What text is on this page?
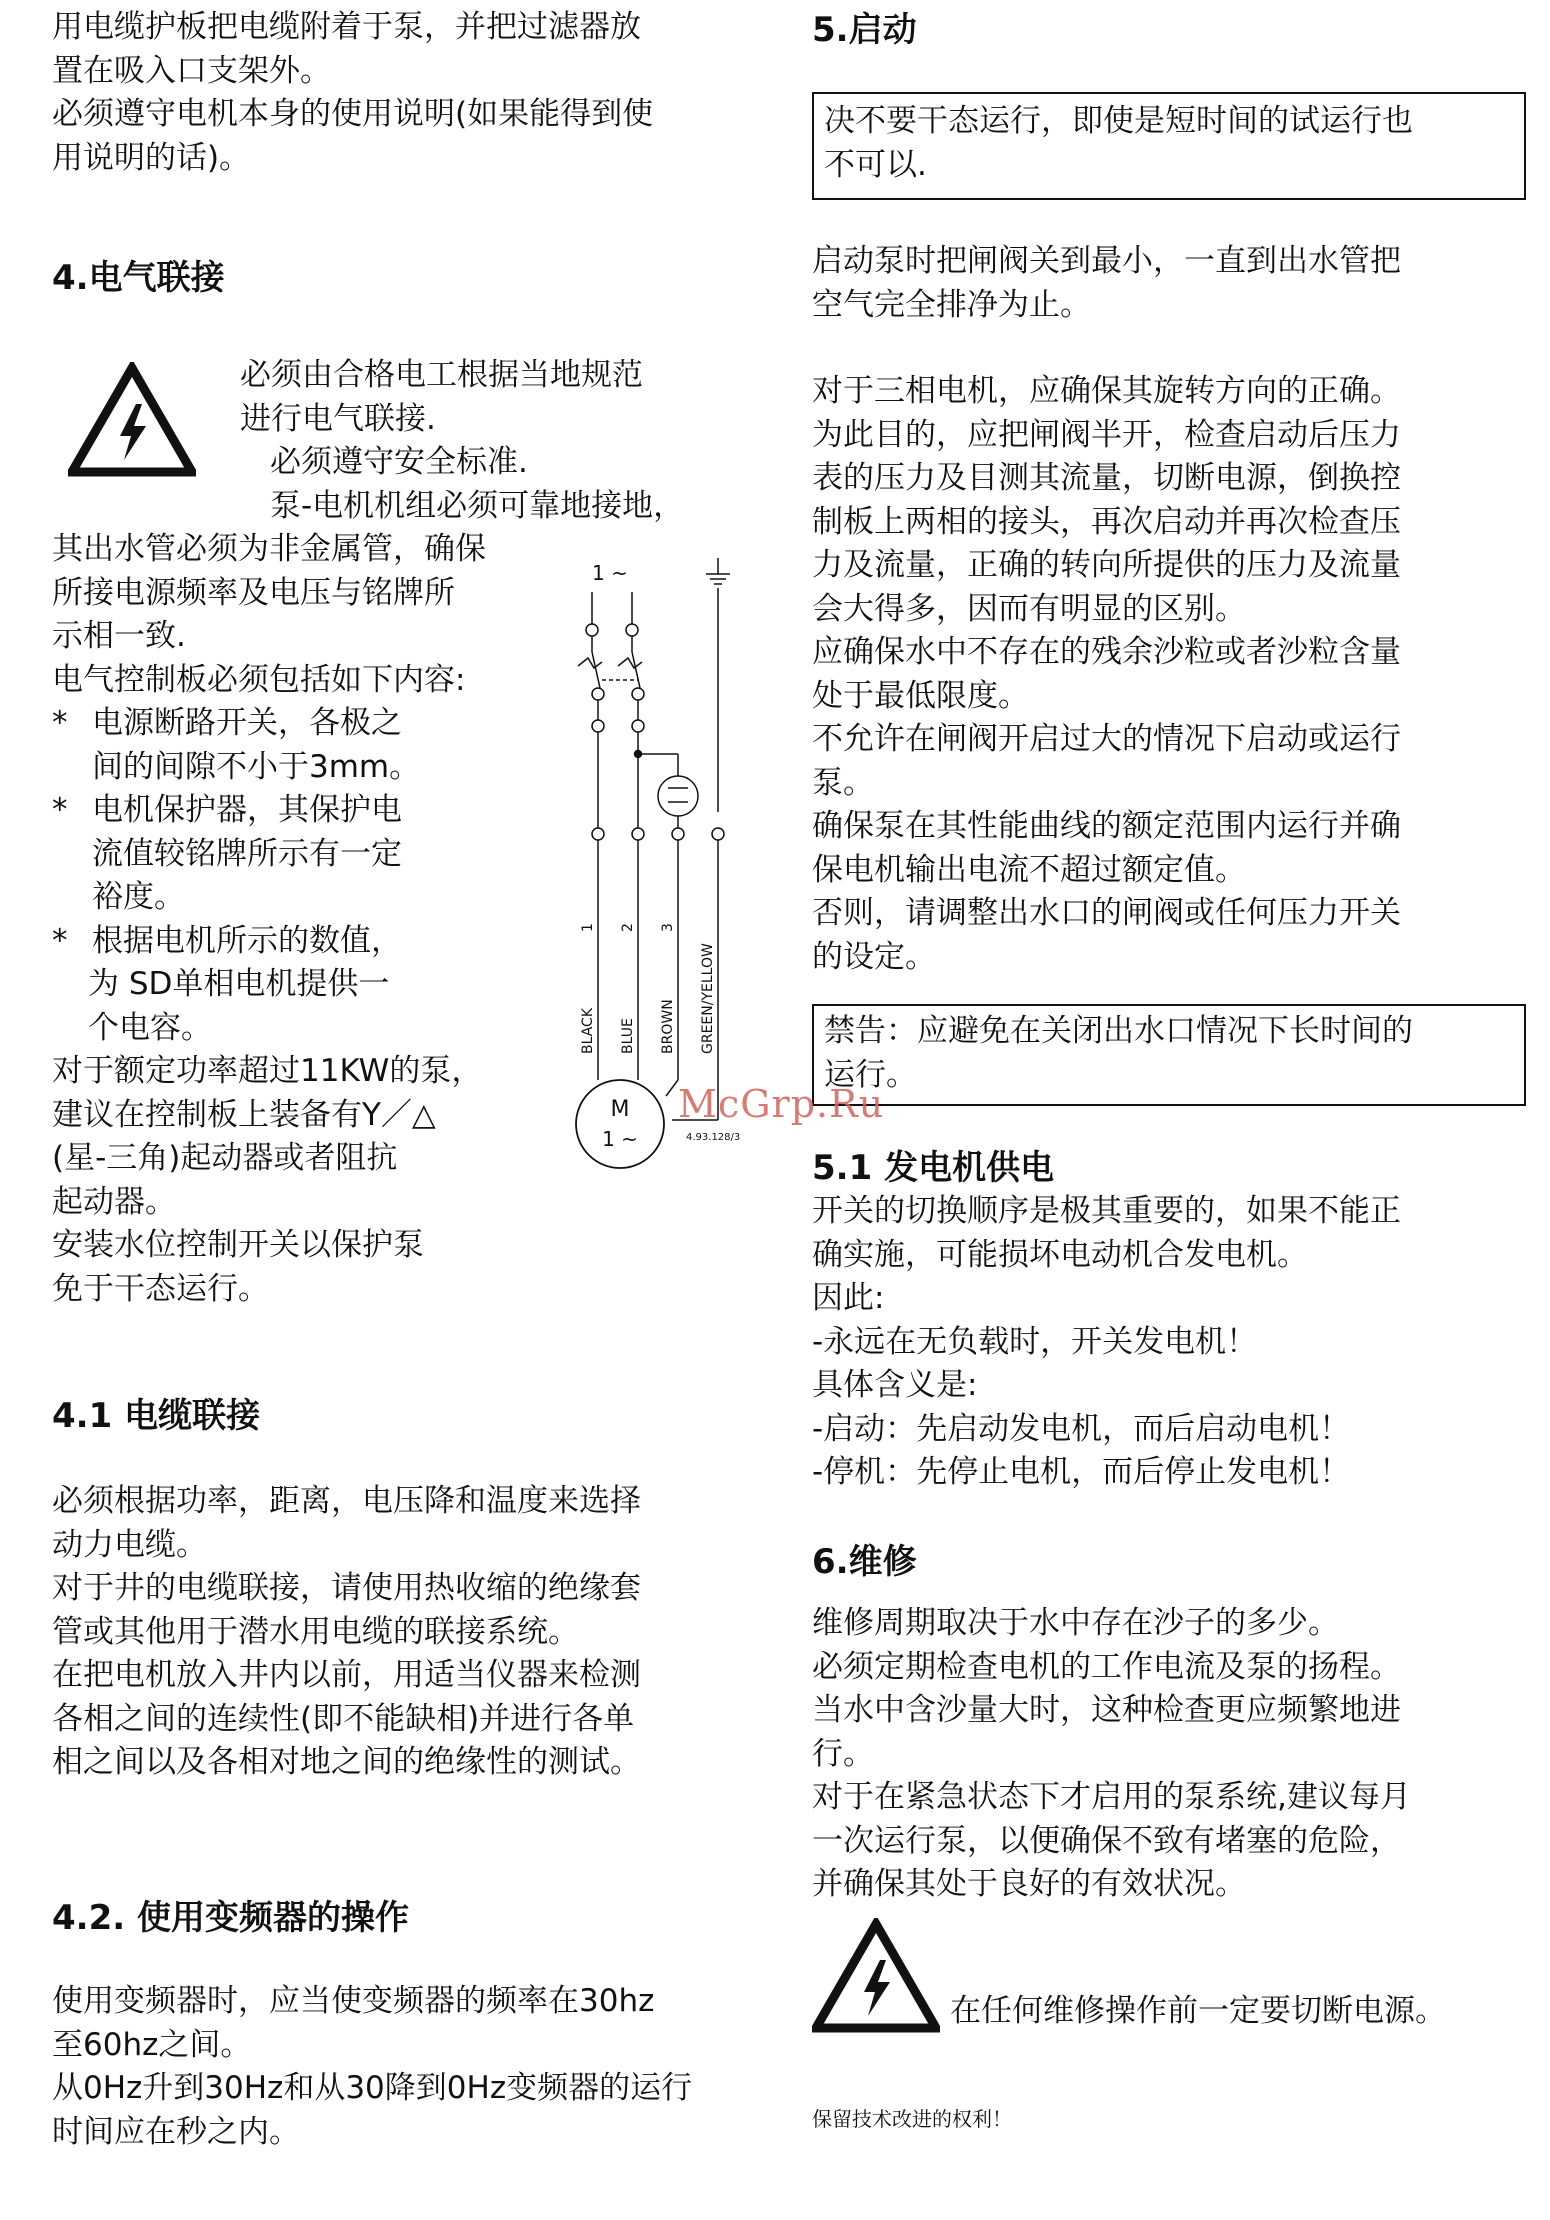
用电缆护板把电缆附着于泵，并把过滤器放

置在吸入口支架外。

必须遵守电机本身的使用说明(如果能得到使

用说明的话)。

4.电气联接

必须由合格电工根据当地规范

进行电气联接.

必须遵守安全标准.

泵-电机机组必须可靠地接地，

其出水管必须为非金属管，确保

所接电源频率及电压与铭牌所

示相一致.

电气控制板必须包括如下内容:

* 电源断路开关，各极之

间的间隙不小于3mm。

* 电机保护器，其保护电

流值较铭牌所示有一定

裕度。

* 根据电机所示的数值，

为 SD单相电机提供一

个电容。

对于额定功率超过11KW的泵，

建议在控制板上装备有Y／△

(星-三角)起动器或者阻抗

起动器。

安装水位控制开关以保护泵

免于干态运行。

4.1 电缆联接

必须根据功率，距离，电压降和温度来选择

动力电缆。

对于井的电缆联接，请使用热收缩的绝缘套

管或其他用于潜水用电缆的联接系统。

在把电机放入井内以前，用适当仪器来检测

各相之间的连续性(即不能缺相)并进行各单

相之间以及各相对地之间的绝缘性的测试。

4.2. 使用变频器的操作

使用变频器时，应当使变频器的频率在30hz

至60hz之间。

从0Hz升到30Hz和从30降到0Hz变频器的运行

时间应在秒之内。

1 ~
BLACK
1
BLUE
2
BROWN
3
GREEN/YELLOW
M
1 ~	4.93.128/3
5.启动

决不要干态运行，即使是短时间的试运行也

不可以.

启动泵时把闸阀关到最小，一直到出水管把

空气完全排净为止。

对于三相电机，应确保其旋转方向的正确。

为此目的，应把闸阀半开，检查启动后压力

表的压力及目测其流量，切断电源，倒换控

制板上两相的接头，再次启动并再次检查压

力及流量，正确的转向所提供的压力及流量

会大得多，因而有明显的区别。

应确保水中不存在的残余沙粒或者沙粒含量

处于最低限度。

不允许在闸阀开启过大的情况下启动或运行

泵。

确保泵在其性能曲线的额定范围内运行并确

保电机输出电流不超过额定值。

否则，请调整出水口的闸阀或任何压力开关

的设定。

禁告：应避免在关闭出水口情况下长时间的

运行。

5.1 发电机供电

开关的切换顺序是极其重要的，如果不能正

确实施，可能损坏电动机合发电机。

因此:

-永远在无负载时，开关发电机！

具体含义是:

-启动：先启动发电机，而后启动电机！

-停机：先停止电机，而后停止发电机！

6.维修

维修周期取决于水中存在沙子的多少。

必须定期检查电机的工作电流及泵的扬程。

当水中含沙量大时，这种检查更应频繁地进

行。

对于在紧急状态下才启用的泵系统,建议每月

一次运行泵，以便确保不致有堵塞的危险，

并确保其处于良好的有效状况。

在任何维修操作前一定要切断电源。

保留技术改进的权利！

McGrp.Ru
